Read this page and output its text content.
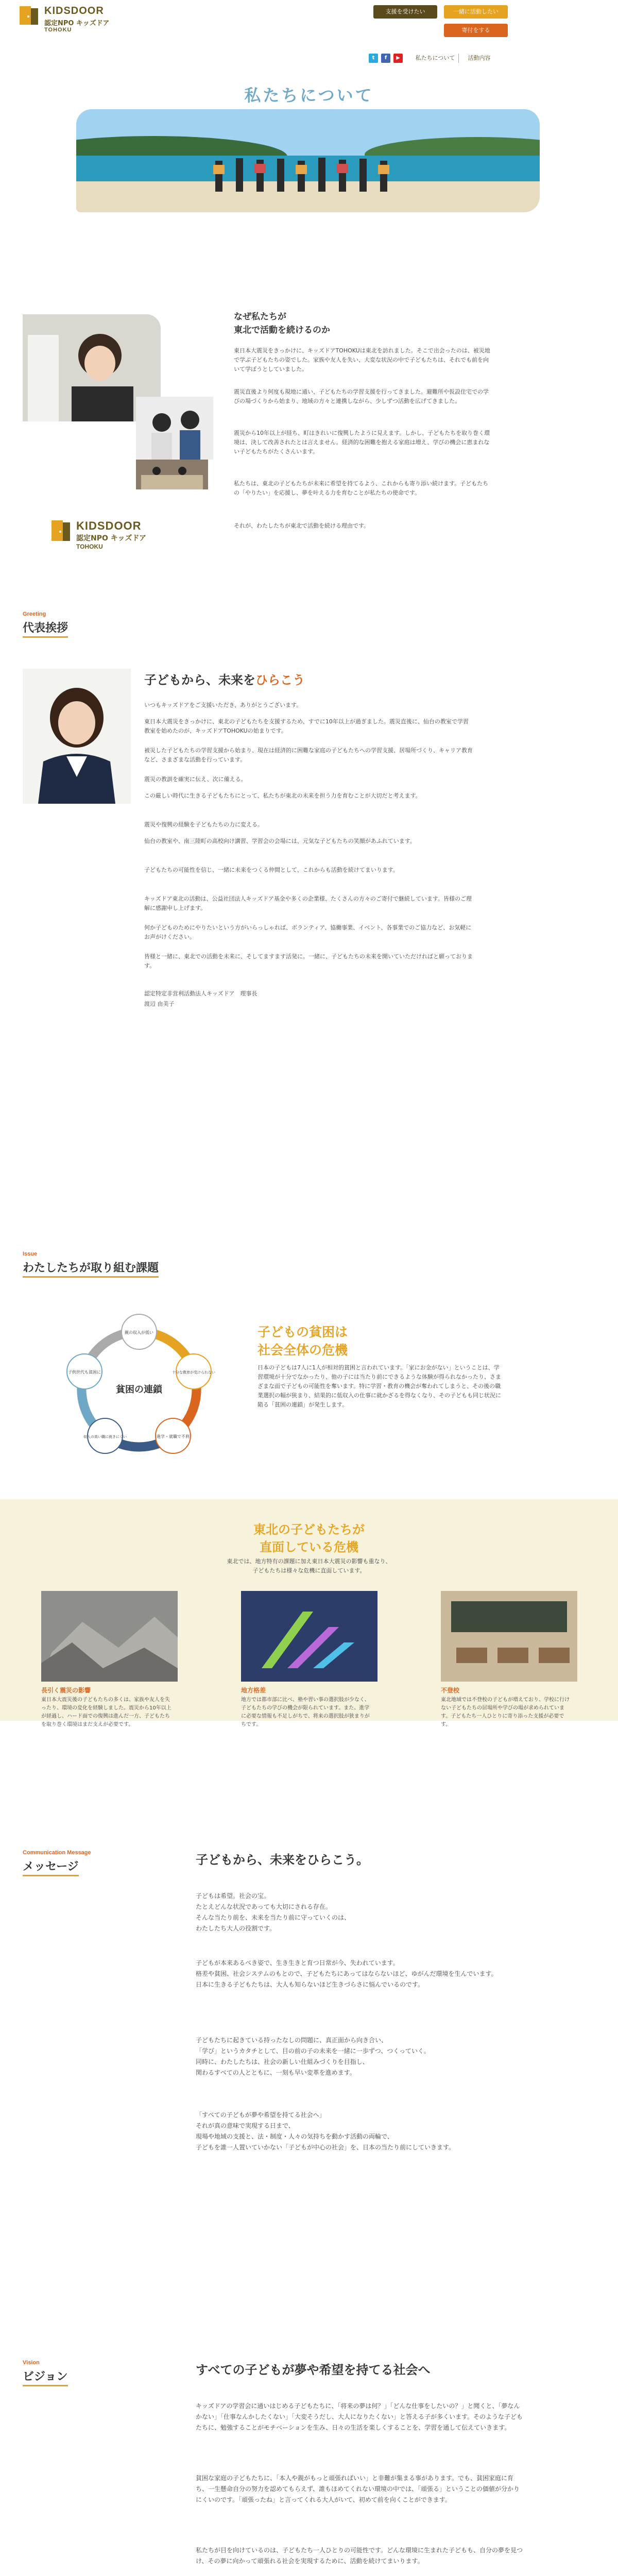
KIDSDOOR
認定NPO キッズドア
TOHOKU
支援を受けたい	一緒に活動したい
寄付をする
t	f	▶	私たちについて	活動内容
私たちについて
KIDSDOOR
認定NPO キッズドア
TOHOKU
なぜ私たちが
東北で活動を続けるのか
東日本大震災をきっかけに、キッズドアTOHOKUは東北を訪れました。そこで出会ったのは、被災地で学ぶ子どもたちの姿でした。家族や友人を失い、大変な状況の中で子どもたちは、それでも前を向いて学ぼうとしていました。
震災直後より何度も現地に通い、子どもたちの学習支援を行ってきました。避難所や仮設住宅での学びの場づくりから始まり、地域の方々と連携しながら、少しずつ活動を広げてきました。
震災から10年以上が経ち、町はきれいに復興したように見えます。しかし、子どもたちを取り巻く環境は、決して改善されたとは言えません。経済的な困難を抱える家庭は増え、学びの機会に恵まれない子どもたちがたくさんいます。
私たちは、東北の子どもたちが未来に希望を持てるよう、これからも寄り添い続けます。子どもたちの「やりたい」を応援し、夢を叶える力を育むことが私たちの使命です。
それが、わたしたちが東北で活動を続ける理由です。
Greeting
代表挨拶
子どもから、未来をひらこう
いつもキッズドアをご支援いただき、ありがとうございます。
東日本大震災をきっかけに、東北の子どもたちを支援するため、すでに10年以上が過ぎました。震災直後に、仙台の教室で学習教室を始めたのが、キッズドアTOHOKUの始まりです。
被災した子どもたちの学習支援から始まり、現在は経済的に困難な家庭の子どもたちへの学習支援、居場所づくり、キャリア教育など、さまざまな活動を行っています。
震災の教訓を確実に伝え、次に備える。
この厳しい時代に生きる子どもたちにとって、私たちが東北の未来を担う力を育むことが大切だと考えます。
震災や復興の経験を子どもたちの力に変える。
仙台の教室や、南三陸町の高校向け講習、学習会の会場には、元気な子どもたちの笑顔があふれています。
子どもたちの可能性を信じ、一緒に未来をつくる仲間として、これからも活動を続けてまいります。
キッズドア東北の活動は、公益社団法人キッズドア基金や多くの企業様、たくさんの方々のご寄付で継続しています。皆様のご理解に感謝申し上げます。
何か子どものためにやりたいという方がいらっしゃれば、ボランティア、協働事業、イベント、各事業でのご協力など、お気軽にお声がけください。
皆様と一緒に、東北での活動を未来に、そしてますます活発に。一緒に、子どもたちの未来を開いていただければと願っております。
認定特定非営利活動法人キッズドア　理事長
渡辺 由美子
Issue
わたしたちが取り組む課題
貧困の連鎖
親の収入が低い
十分な教育が受けられない
進学・就職で不利
収入の高い職に就きにくい
子供世代も貧困に
子どもの貧困は
社会全体の危機
日本の子どもは7人に1人が相対的貧困と言われています。「家にお金がない」ということは、学習環境が十分でなかったり、他の子には当たり前にできるような体験が得られなかったり、さまざまな面で子どもの可能性を奪います。特に学習・教育の機会が奪われてしまうと、その後の職業選択の幅が狭まり、結果的に低収入の仕事に就かざるを得なくなり、その子どもも同じ状況に陥る「貧困の連鎖」が発生します。
東北の子どもたちが
直面している危機
東北では、地方特有の課題に加え東日本大震災の影響も重なり、
子どもたちは様々な危機に直面しています。
長引く震災の影響
東日本大震災後の子どもたちの多くは、家族や友人を失ったり、環境の変化を経験しました。震災から10年以上が経過し、ハード面での復興は進んだ一方、子どもたちを取り巻く環境はまだ支えが必要です。
地方格差
地方では都市部に比べ、塾や習い事の選択肢が少なく、子どもたちの学びの機会が限られています。また、進学に必要な情報も不足しがちで、将来の選択肢が狭まりがちです。
不登校
東北地域では不登校の子どもが増えており、学校に行けない子どもたちの居場所や学びの場が求められています。子どもたち一人ひとりに寄り添った支援が必要です。
Communication Message
メッセージ	子どもから、未来をひらこう。
子どもは希望。社会の宝。
たとえどんな状況であっても大切にされる存在。
そんな当たり前を、未来を当たり前に守っていくのは、
わたしたち大人の役割です。
子どもが本来あるべき姿で、生き生きと育つ日常が今、失われています。
格差や貧困、社会システムのもとので、子どもたちにあってはならないほど、ゆがんだ環境を生んでいます。
日本に生きる子どもたちは、大人も知らないほど生きづらさに悩んでいるのです。
子どもたちに起きている持ったなしの問題に、真正面から向き合い、
「学び」というカタチとして、目の前の子の未来を一緒に一歩ずつ、つくっていく。
同時に、わたしたちは、社会の新しい仕組みづくりを目指し、
関わるすべての人とともに、一刻も早い変革を進めます。
「すべての子どもが夢や希望を持てる社会へ」
それが真の意味で実現する日まで、
現場や地域の支援と、法・制度・人々の気持ちを動かす活動の両輪で、
子どもを誰一人置いていかない「子どもが中心の社会」を、日本の当たり前にしていきます。
Vision
ビジョン	すべての子どもが夢や希望を持てる社会へ
キッズドアの学習会に通いはじめる子どもたちに、「将来の夢は何？」「どんな仕事をしたいの？」と聞くと、「夢なんかない」「仕事なんかしたくない」「大変そうだし、大人になりたくない」と答える子が多くいます。そのような子どもたちに、勉強することがモチベーションを生み、日々の生活を楽しくすることを、学習を通して伝えていきます。
貧困な家庭の子どもたちに、「本人や親がもっと頑張ればいい」と非難が集まる事があります。でも、貧困家庭に育ち、一生懸命自分の努力を認めてもらえず、誰もほめてくれない環境の中では、「頑張る」ということの価値が分かりにくいのです。「頑張ったね」と言ってくれる大人がいて、初めて前を向くことができます。
私たちが目を向けているのは、子どもたち一人ひとりの可能性です。どんな環境に生まれた子どもも、自分の夢を見つけ、その夢に向かって頑張れる社会を実現するために、活動を続けてまいります。
